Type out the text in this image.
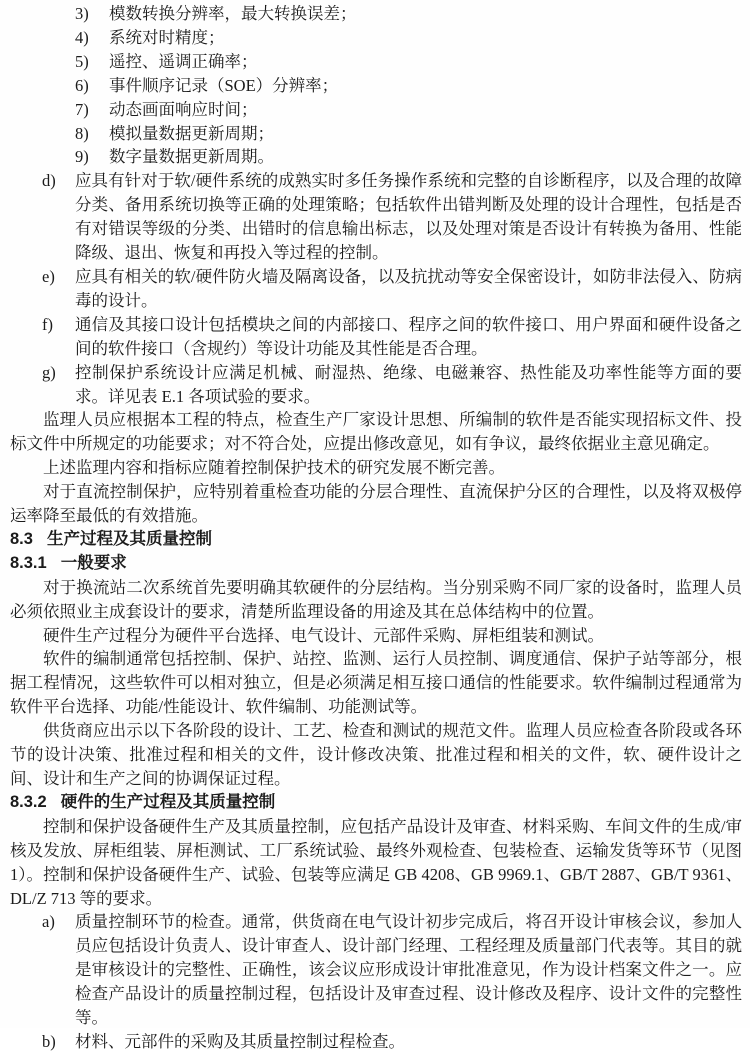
3) 模数转换分辨率，最大转换误差；
4) 系统对时精度；
5) 遥控、遥调正确率；
6) 事件顺序记录（SOE）分辨率；
7) 动态画面响应时间；
8) 模拟量数据更新周期；
9) 数字量数据更新周期。
d) 应具有针对于软/硬件系统的成熟实时多任务操作系统和完整的自诊断程序，以及合理的故障分类、备用系统切换等正确的处理策略；包括软件出错判断及处理的设计合理性，包括是否有对错误等级的分类、出错时的信息输出标志，以及处理对策是否设计有转换为备用、性能降级、退出、恢复和再投入等过程的控制。
e) 应具有相关的软/硬件防火墙及隔离设备，以及抗扰动等安全保密设计，如防非法侵入、防病毒的设计。
f) 通信及其接口设计包括模块之间的内部接口、程序之间的软件接口、用户界面和硬件设备之间的软件接口（含规约）等设计功能及其性能是否合理。
g) 控制保护系统设计应满足机械、耐湿热、绝缘、电磁兼容、热性能及功率性能等方面的要求。详见表 E.1 各项试验的要求。

监理人员应根据本工程的特点，检查生产厂家设计思想、所编制的软件是否能实现招标文件、投标文件中所规定的功能要求；对不符合处，应提出修改意见，如有争议，最终依据业主意见确定。

上述监理内容和指标应随着控制保护技术的研究发展不断完善。

对于直流控制保护，应特别着重检查功能的分层合理性、直流保护分区的合理性，以及将双极停运率降至最低的有效措施。

8.3 生产过程及其质量控制
8.3.1 一般要求

对于换流站二次系统首先要明确其软硬件的分层结构。当分别采购不同厂家的设备时，监理人员必须依照业主成套设计的要求，清楚所监理设备的用途及其在总体结构中的位置。

硬件生产过程分为硬件平台选择、电气设计、元部件采购、屏柜组装和测试。

软件的编制通常包括控制、保护、站控、监测、运行人员控制、调度通信、保护子站等部分，根据工程情况，这些软件可以相对独立，但是必须满足相互接口通信的性能要求。软件编制过程通常为软件平台选择、功能/性能设计、软件编制、功能测试等。

供货商应出示以下各阶段的设计、工艺、检查和测试的规范文件。监理人员应检查各阶段或各环节的设计决策、批准过程和相关的文件，设计修改决策、批准过程和相关的文件，软、硬件设计之间、设计和生产之间的协调保证过程。

8.3.2 硬件的生产过程及其质量控制

控制和保护设备硬件生产及其质量控制，应包括产品设计及审查、材料采购、车间文件的生成/审核及发放、屏柜组装、屏柜测试、工厂系统试验、最终外观检查、包装检查、运输发货等环节（见图 1）。控制和保护设备硬件生产、试验、包装等应满足 GB 4208、GB 9969.1、GB/T 2887、GB/T 9361、DL/Z 713 等的要求。

a) 质量控制环节的检查。通常，供货商在电气设计初步完成后，将召开设计审核会议，参加人员应包括设计负责人、设计审查人、设计部门经理、工程经理及质量部门代表等。其目的就是审核设计的完整性、正确性，该会议应形成设计审批准意见，作为设计档案文件之一。应检查产品设计的质量控制过程，包括设计及审查过程、设计修改及程序、设计文件的完整性等。
b) 材料、元部件的采购及其质量控制过程检查。
